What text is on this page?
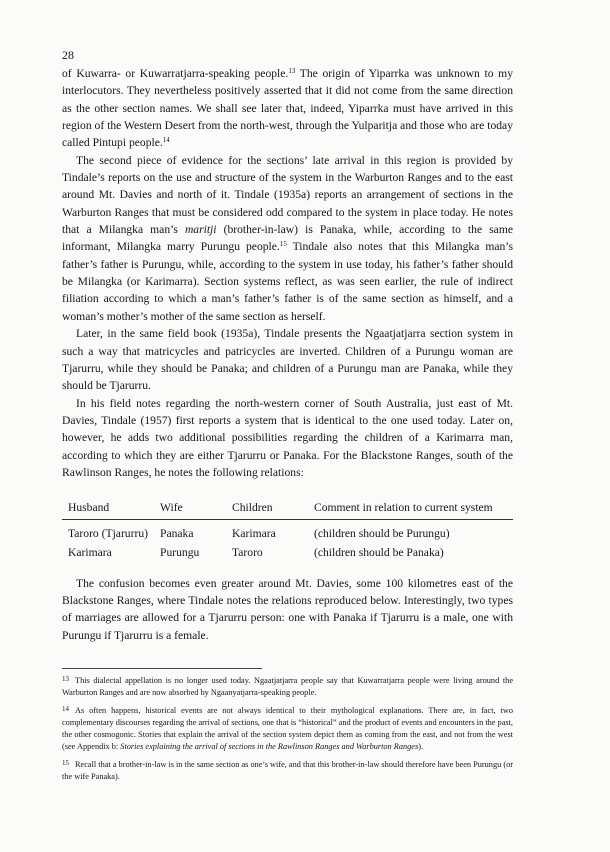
28

of Kuwarra- or Kuwarratjarra-speaking people.$^{13}$ The origin of Yiparrka was unknown to my interlocutors. They nevertheless positively asserted that it did not come from the same direction as the other section names. We shall see later that, indeed, Yiparrka must have arrived in this region of the Western Desert from the north-west, through the Yulparitja and those who are today called Pintupi people.$^{14}$

The second piece of evidence for the sections’ late arrival in this region is provided by Tindale’s reports on the use and structure of the system in the Warburton Ranges and to the east around Mt. Davies and north of it. Tindale (1935a) reports an arrangement of sections in the Warburton Ranges that must be considered odd compared to the system in place today. He notes that a Milangka man’s maritji (brother-in-law) is Panaka, while, according to the same informant, Milangka marry Purungu people.$^{15}$ Tindale also notes that this Milangka man’s father’s father is Purungu, while, according to the system in use today, his father’s father should be Milangka (or Karimarra). Section systems reflect, as was seen earlier, the rule of indirect filiation according to which a man’s father’s father is of the same section as himself, and a woman’s mother’s mother of the same section as herself.

Later, in the same field book (1935a), Tindale presents the Ngaatjatjarra section system in such a way that matricycles and patricycles are inverted. Children of a Purungu woman are Tjarurru, while they should be Panaka; and children of a Purungu man are Panaka, while they should be Tjarurru.

In his field notes regarding the north-western corner of South Australia, just east of Mt. Davies, Tindale (1957) first reports a system that is identical to the one used today. Later on, however, he adds two additional possibilities regarding the children of a Karimarra man, according to which they are either Tjarurru or Panaka. For the Blackstone Ranges, south of the Rawlinson Ranges, he notes the following relations:

Husband	Wife	Children	Comment in relation to current system
Taroro (Tjarurru)	Panaka	Karimara	(children should be Purungu)
Karimara	Purungu	Taroro	(children should be Panaka)

The confusion becomes even greater around Mt. Davies, some 100 kilometres east of the Blackstone Ranges, where Tindale notes the relations reproduced below. Interestingly, two types of marriages are allowed for a Tjarurru person: one with Panaka if Tjarurru is a male, one with Purungu if Tjarurru is a female.

$^{13}$ This dialectal appellation is no longer used today. Ngaatjatjarra people say that Kuwarratjarra people were living around the Warburton Ranges and are now absorbed by Ngaanyatjarra-speaking people.

$^{14}$ As often happens, historical events are not always identical to their mythological explanations. There are, in fact, two complementary discourses regarding the arrival of sections, one that is “historical” and the product of events and encounters in the past, the other cosmogonic. Stories that explain the arrival of the section system depict them as coming from the east, and not from the west (see Appendix b: Stories explaining the arrival of sections in the Rawlinson Ranges and Warburton Ranges).

$^{15}$ Recall that a brother-in-law is in the same section as one’s wife, and that this brother-in-law should therefore have been Purungu (or the wife Panaka).
